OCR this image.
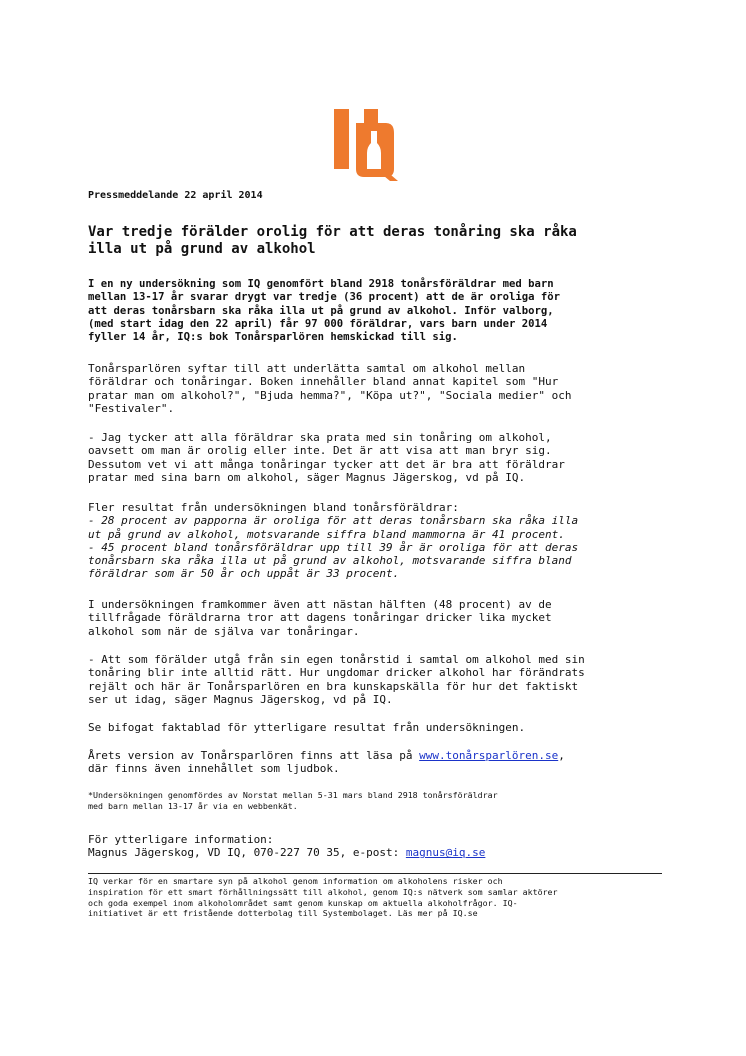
Pressmeddelande 22 april 2014
Var tredje förälder orolig för att deras tonåring ska råka
illa ut på grund av alkohol

I en ny undersökning som IQ genomfört bland 2918 tonårsföräldrar med barn
mellan 13-17 år svarar drygt var tredje (36 procent) att de är oroliga för
att deras tonårsbarn ska råka illa ut på grund av alkohol. Inför valborg,
(med start idag den 22 april) får 97 000 föräldrar, vars barn under 2014
fyller 14 år, IQ:s bok Tonårsparlören hemskickad till sig.

Tonårsparlören syftar till att underlätta samtal om alkohol mellan
föräldrar och tonåringar. Boken innehåller bland annat kapitel som "Hur
pratar man om alkohol?", "Bjuda hemma?", "Köpa ut?", "Sociala medier" och
"Festivaler".

- Jag tycker att alla föräldrar ska prata med sin tonåring om alkohol,
oavsett om man är orolig eller inte. Det är att visa att man bryr sig.
Dessutom vet vi att många tonåringar tycker att det är bra att föräldrar
pratar med sina barn om alkohol, säger Magnus Jägerskog, vd på IQ.

Fler resultat från undersökningen bland tonårsföräldrar:
- 28 procent av papporna är oroliga för att deras tonårsbarn ska råka illa
ut på grund av alkohol, motsvarande siffra bland mammorna är 41 procent.
- 45 procent bland tonårsföräldrar upp till 39 år är oroliga för att deras
tonårsbarn ska råka illa ut på grund av alkohol, motsvarande siffra bland
föräldrar som är 50 år och uppåt är 33 procent.

I undersökningen framkommer även att nästan hälften (48 procent) av de
tillfrågade föräldrarna tror att dagens tonåringar dricker lika mycket
alkohol som när de själva var tonåringar.

- Att som förälder utgå från sin egen tonårstid i samtal om alkohol med sin
tonåring blir inte alltid rätt. Hur ungdomar dricker alkohol har förändrats
rejält och här är Tonårsparlören en bra kunskapskälla för hur det faktiskt
ser ut idag, säger Magnus Jägerskog, vd på IQ.

Se bifogat faktablad för ytterligare resultat från undersökningen.

Årets version av Tonårsparlören finns att läsa på www.tonårsparlören.se,
där finns även innehållet som ljudbok.

*Undersökningen genomfördes av Norstat mellan 5-31 mars bland 2918 tonårsföräldrar
med barn mellan 13-17 år via en webbenkät.

För ytterligare information:
Magnus Jägerskog, VD IQ, 070-227 70 35, e-post: magnus@iq.se

IQ verkar för en smartare syn på alkohol genom information om alkoholens risker och
inspiration för ett smart förhållningssätt till alkohol, genom IQ:s nätverk som samlar aktörer
och goda exempel inom alkoholområdet samt genom kunskap om aktuella alkoholfrågor. IQ-
initiativet är ett fristående dotterbolag till Systembolaget. Läs mer på IQ.se
